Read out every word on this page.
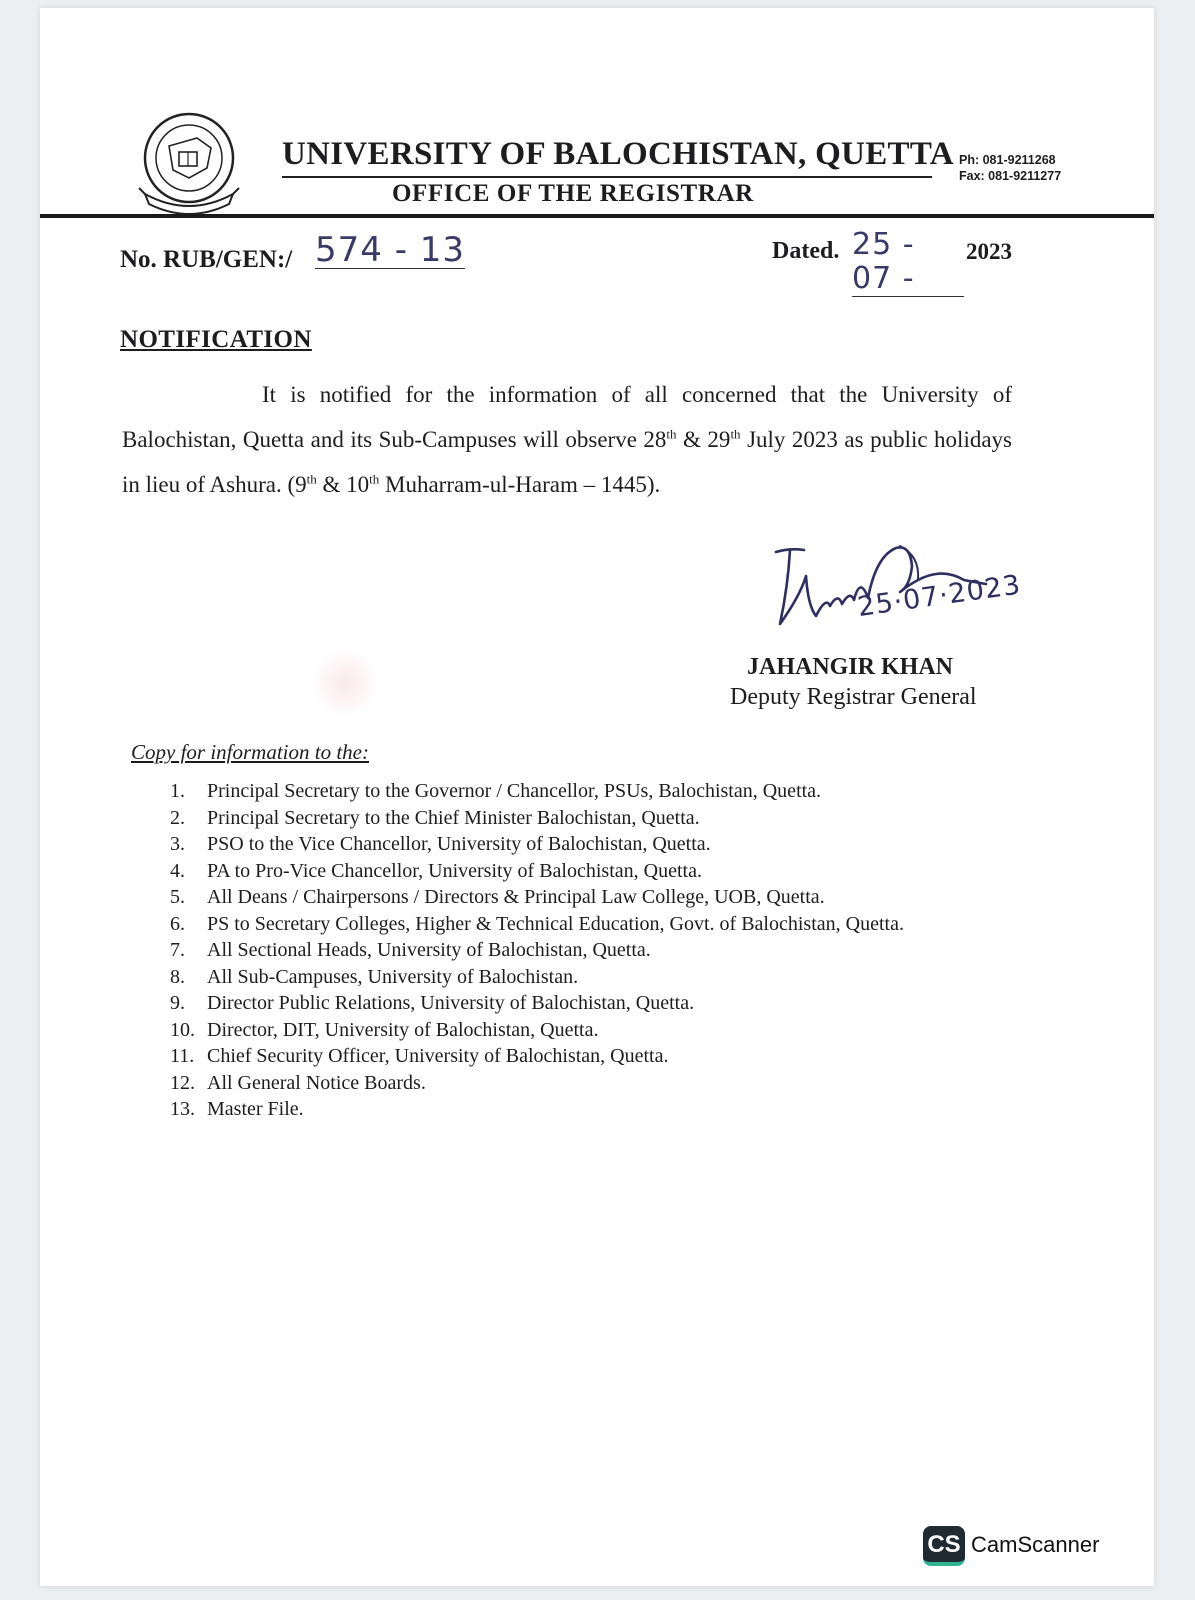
UNIVERSITY OF BALOCHISTAN, QUETTA
OFFICE OF THE REGISTRAR
Ph: 081-9211268
Fax: 081-9211277
No. RUB/GEN:/ 574 - 13	Dated. 25 - 07 -
2023
NOTIFICATION

It is notified for the information of all concerned that the University of Balochistan, Quetta and its Sub-Campuses will observe 28th & 29th July 2023 as public holidays in lieu of Ashura. (9th & 10th Muharram-ul-Haram – 1445).

25·07·2023
JAHANGIR KHAN
Deputy Registrar General
Copy for information to the:
1. Principal Secretary to the Governor / Chancellor, PSUs, Balochistan, Quetta.
2. Principal Secretary to the Chief Minister Balochistan, Quetta.
3. PSO to the Vice Chancellor, University of Balochistan, Quetta.
4. PA to Pro-Vice Chancellor, University of Balochistan, Quetta.
5. All Deans / Chairpersons / Directors & Principal Law College, UOB, Quetta.
6. PS to Secretary Colleges, Higher & Technical Education, Govt. of Balochistan, Quetta.
7. All Sectional Heads, University of Balochistan, Quetta.
8. All Sub-Campuses, University of Balochistan.
9. Director Public Relations, University of Balochistan, Quetta.
10. Director, DIT, University of Balochistan, Quetta.
11. Chief Security Officer, University of Balochistan, Quetta.
12. All General Notice Boards.
13. Master File.
CS CamScanner
